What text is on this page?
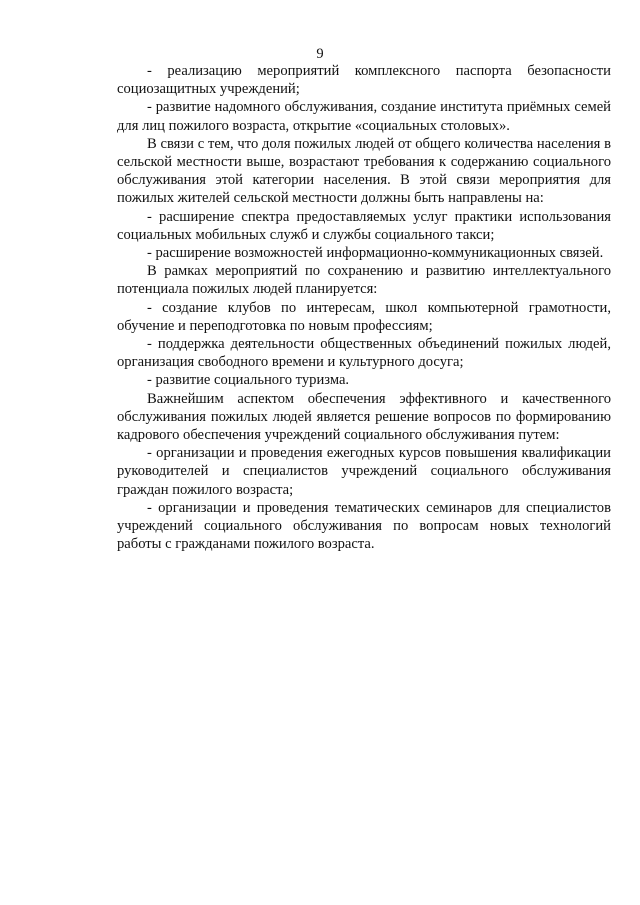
9

- реализацию мероприятий комплексного паспорта безопасности социозащитных учреждений;

- развитие надомного обслуживания, создание института приёмных семей для лиц пожилого возраста, открытие «социальных столовых».

В связи с тем, что доля пожилых людей от общего количества населения в сельской местности выше, возрастают требования к содержанию социального обслуживания этой категории населения. В этой связи мероприятия для пожилых жителей сельской местности должны быть направлены на:

- расширение спектра предоставляемых услуг практики использования социальных мобильных служб и службы социального такси;

- расширение возможностей информационно-коммуникационных связей.

В рамках мероприятий по сохранению и развитию интеллектуального потенциала пожилых людей планируется:

- создание клубов по интересам, школ компьютерной грамотности, обучение и переподготовка по новым профессиям;

- поддержка деятельности общественных объединений пожилых людей, организация свободного времени и культурного досуга;

- развитие социального туризма.

Важнейшим аспектом обеспечения эффективного и качественного обслуживания пожилых людей является решение вопросов по формированию кадрового обеспечения учреждений социального обслуживания путем:

- организации и проведения ежегодных курсов повышения квалификации руководителей и специалистов учреждений социального обслуживания граждан пожилого возраста;

- организации и проведения тематических семинаров для специалистов учреждений социального обслуживания по вопросам новых технологий работы с гражданами пожилого возраста.
